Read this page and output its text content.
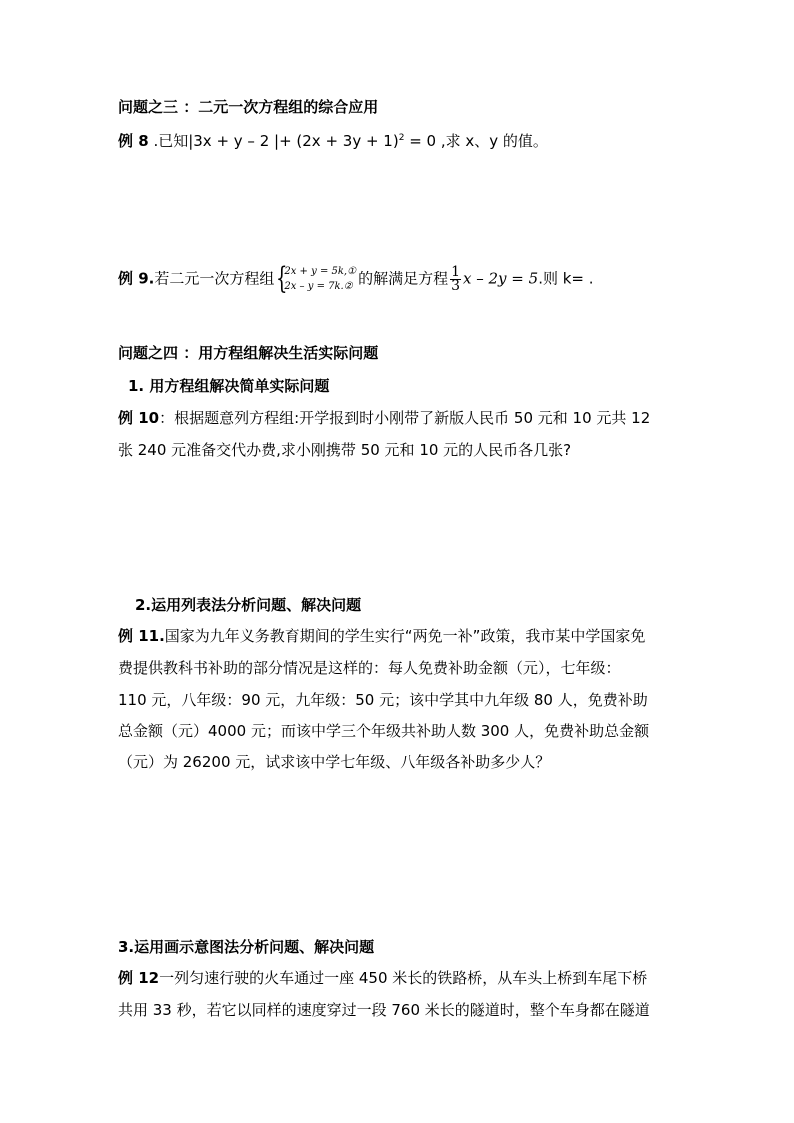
问题之三 ：二元一次方程组的综合应用
例 8 .已知|3x + y – 2 |+ $(2x + 3y + 1)^2 = 0$ ,求 x、y 的值。
例 9.若二元一次方程组 {
2x + y = 5k,①
2x – y = 7k.② 的解满足方程 $\frac{1}{3}$ x – 2y = 5.则 k= .
问题之四 ：用方程组解决生活实际问题
1. 用方程组解决简单实际问题
例 10：根据题意列方程组:开学报到时小刚带了新版人民币 50 元和 10 元共 12
张 240 元准备交代办费,求小刚携带 50 元和 10 元的人民币各几张?
2.运用列表法分析问题、解决问题
例 11.国家为九年义务教育期间的学生实行“两免一补”政策，我市某中学国家免
费提供教科书补助的部分情况是这样的：每人免费补助金额（元），七年级：
110 元，八年级：90 元，九年级：50 元；该中学其中九年级 80 人，免费补助
总金额（元）4000 元；而该中学三个年级共补助人数 300 人，免费补助总金额
（元）为 26200 元，试求该中学七年级、八年级各补助多少人？
3.运用画示意图法分析问题、解决问题
例 12一列匀速行驶的火车通过一座 450 米长的铁路桥，从车头上桥到车尾下桥
共用 33 秒，若它以同样的速度穿过一段 760 米长的隧道时，整个车身都在隧道
